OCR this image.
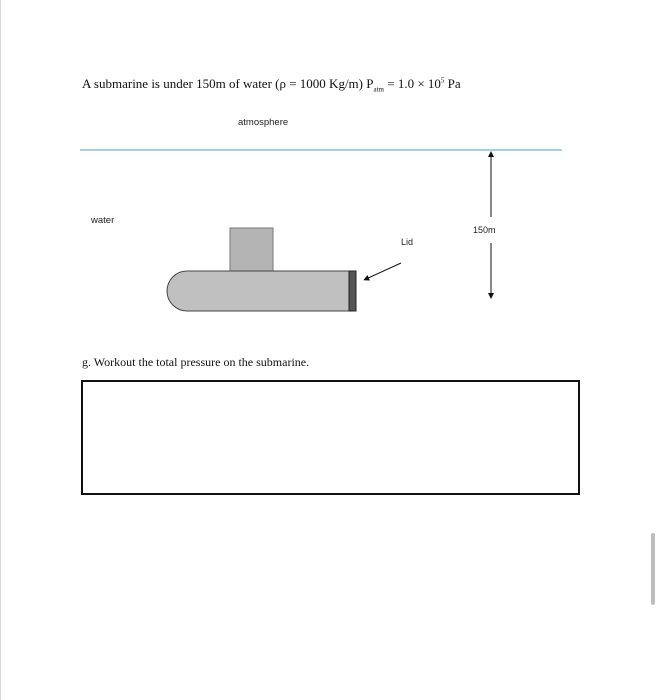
A submarine is under 150m of water (ρ = 1000 Kg/m) $P_{atm} = 1.0 \times 10^5$ Pa
atmosphere
water
Lid
150m
g. Workout the total pressure on the submarine.
